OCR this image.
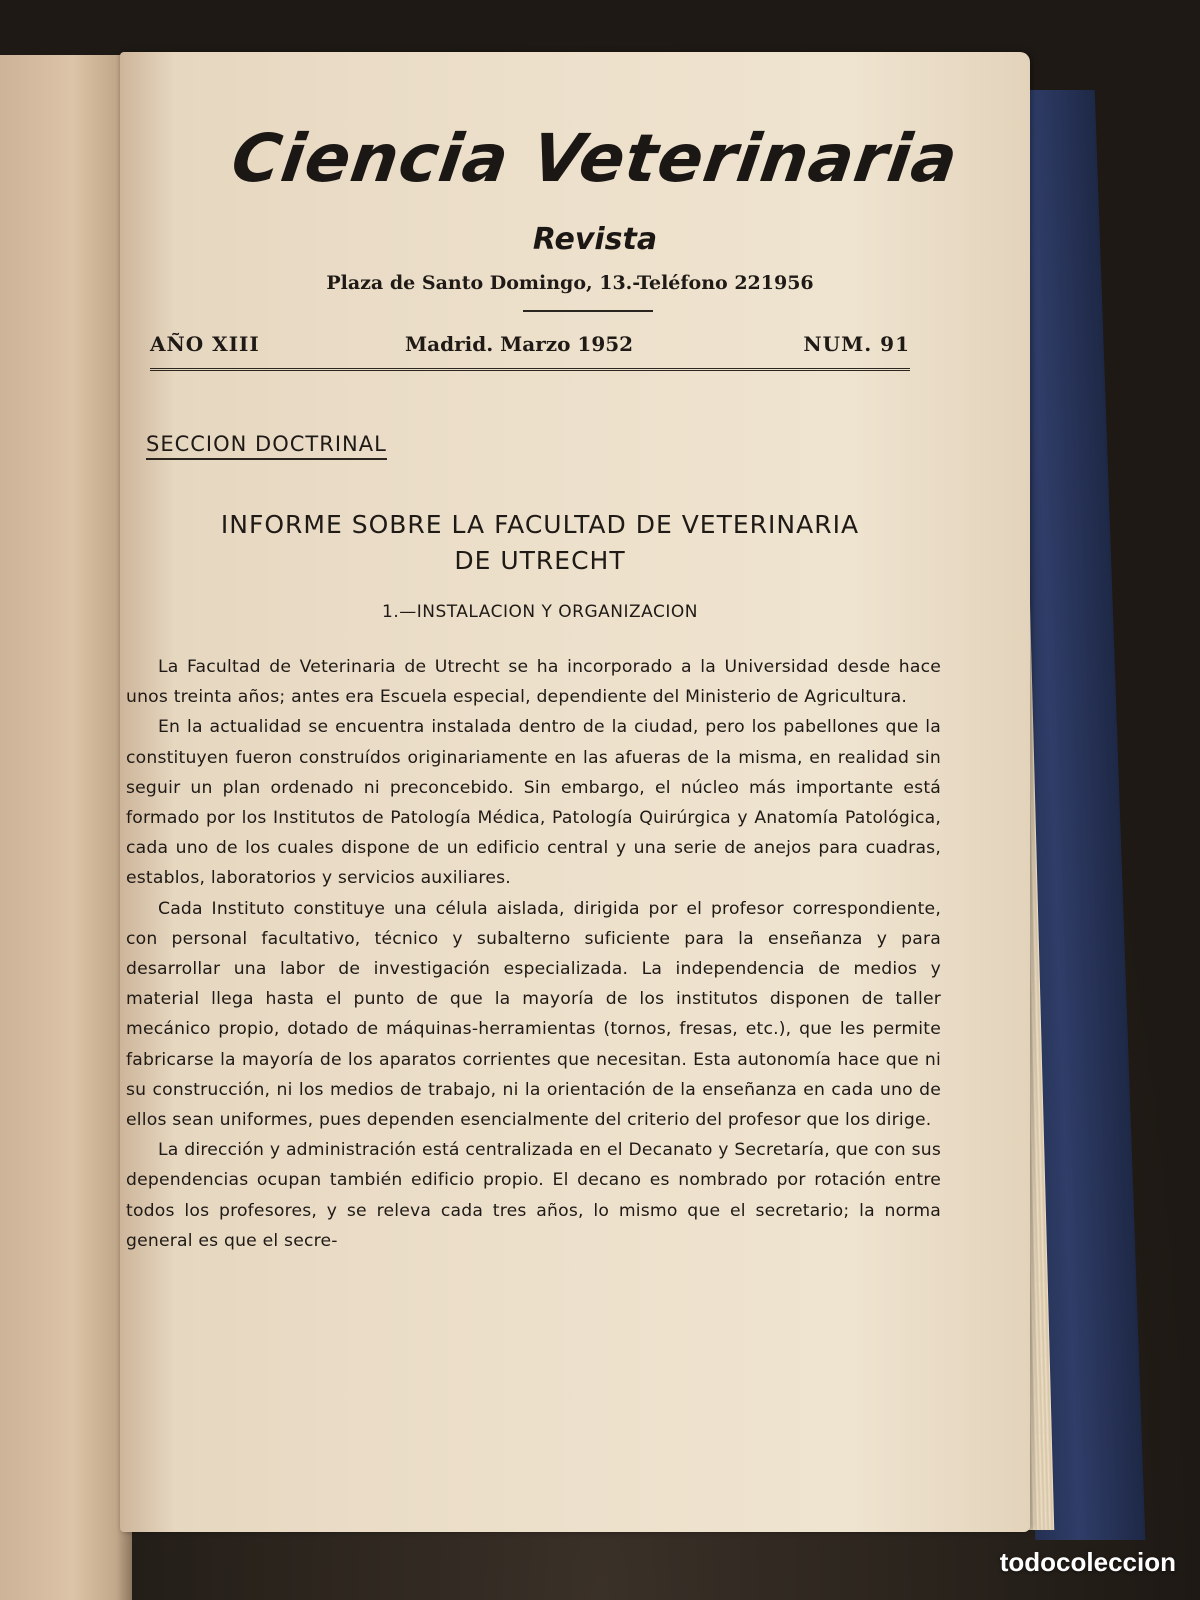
Ciencia Veterinaria
Revista
Plaza de Santo Domingo, 13.-Teléfono 221956
AÑO XIII	Madrid. Marzo 1952	NUM. 91
SECCION DOCTRINAL
INFORME SOBRE LA FACULTAD DE VETERINARIA
DE UTRECHT
1.—INSTALACION Y ORGANIZACION

La Facultad de Veterinaria de Utrecht se ha incorporado a la Universidad desde hace unos treinta años; antes era Escuela especial, dependiente del Ministerio de Agricultura.

En la actualidad se encuentra instalada dentro de la ciudad, pero los pabellones que la constituyen fueron construídos originariamente en las afueras de la misma, en realidad sin seguir un plan ordenado ni preconcebido. Sin embargo, el núcleo más importante está formado por los Institutos de Patología Médica, Patología Quirúrgica y Anatomía Patológica, cada uno de los cuales dispone de un edificio central y una serie de anejos para cuadras, establos, laboratorios y servicios auxiliares.

Cada Instituto constituye una célula aislada, dirigida por el profesor correspondiente, con personal facultativo, técnico y subalterno suficiente para la enseñanza y para desarrollar una labor de investigación especializada. La independencia de medios y material llega hasta el punto de que la mayoría de los institutos disponen de taller mecánico propio, dotado de máquinas-herramientas (tornos, fresas, etc.), que les permite fabricarse la mayoría de los aparatos corrientes que necesitan. Esta autonomía hace que ni su construcción, ni los medios de trabajo, ni la orientación de la enseñanza en cada uno de ellos sean uniformes, pues dependen esencialmente del criterio del profesor que los dirige.

La dirección y administración está centralizada en el Decanato y Secretaría, que con sus dependencias ocupan también edificio propio. El decano es nombrado por rotación entre todos los profesores, y se releva cada tres años, lo mismo que el secretario; la norma general es que el secre-

todocoleccion
